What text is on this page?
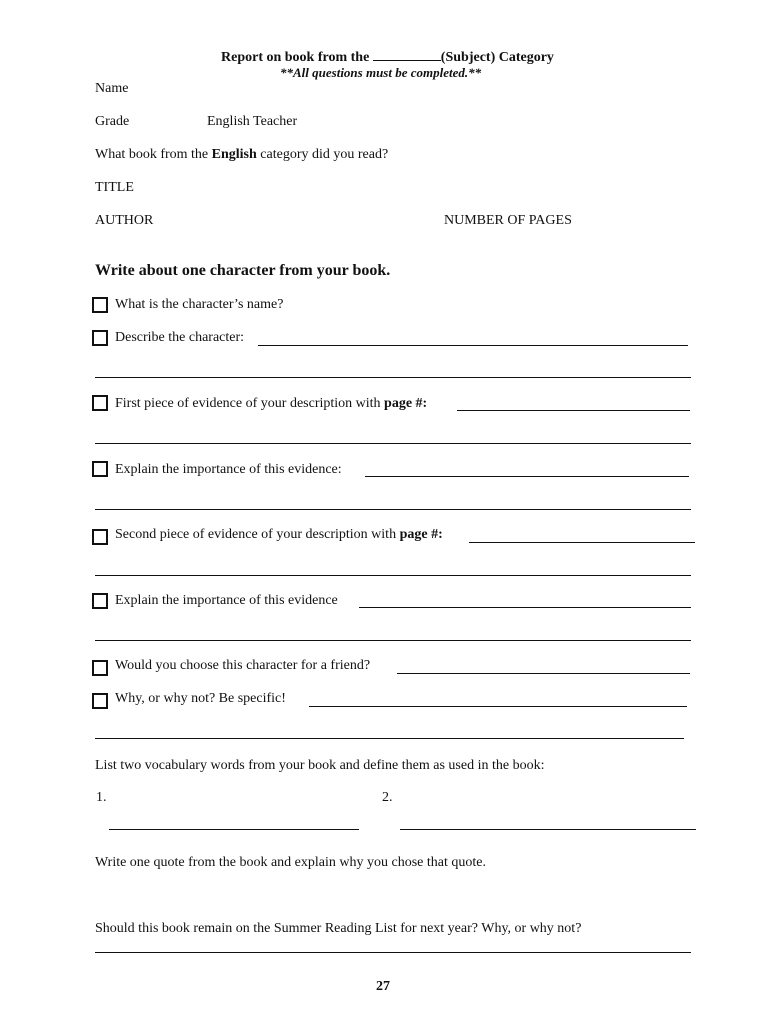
Report on book from the	(Subject) Category
**All questions must be completed.**
Name
Grade	English Teacher
What book from the English category did you read?
TITLE
AUTHOR	NUMBER OF PAGES
Write about one character from your book.
What is the character’s name?
Describe the character:
First piece of evidence of your description with page #:
Explain the importance of this evidence:
Second piece of evidence of your description with page #:
Explain the importance of this evidence
Would you choose this character for a friend?
Why, or why not? Be specific!
List two vocabulary words from your book and define them as used in the book:
1.	2.
Write one quote from the book and explain why you chose that quote.
Should this book remain on the Summer Reading List for next year? Why, or why not?
27
